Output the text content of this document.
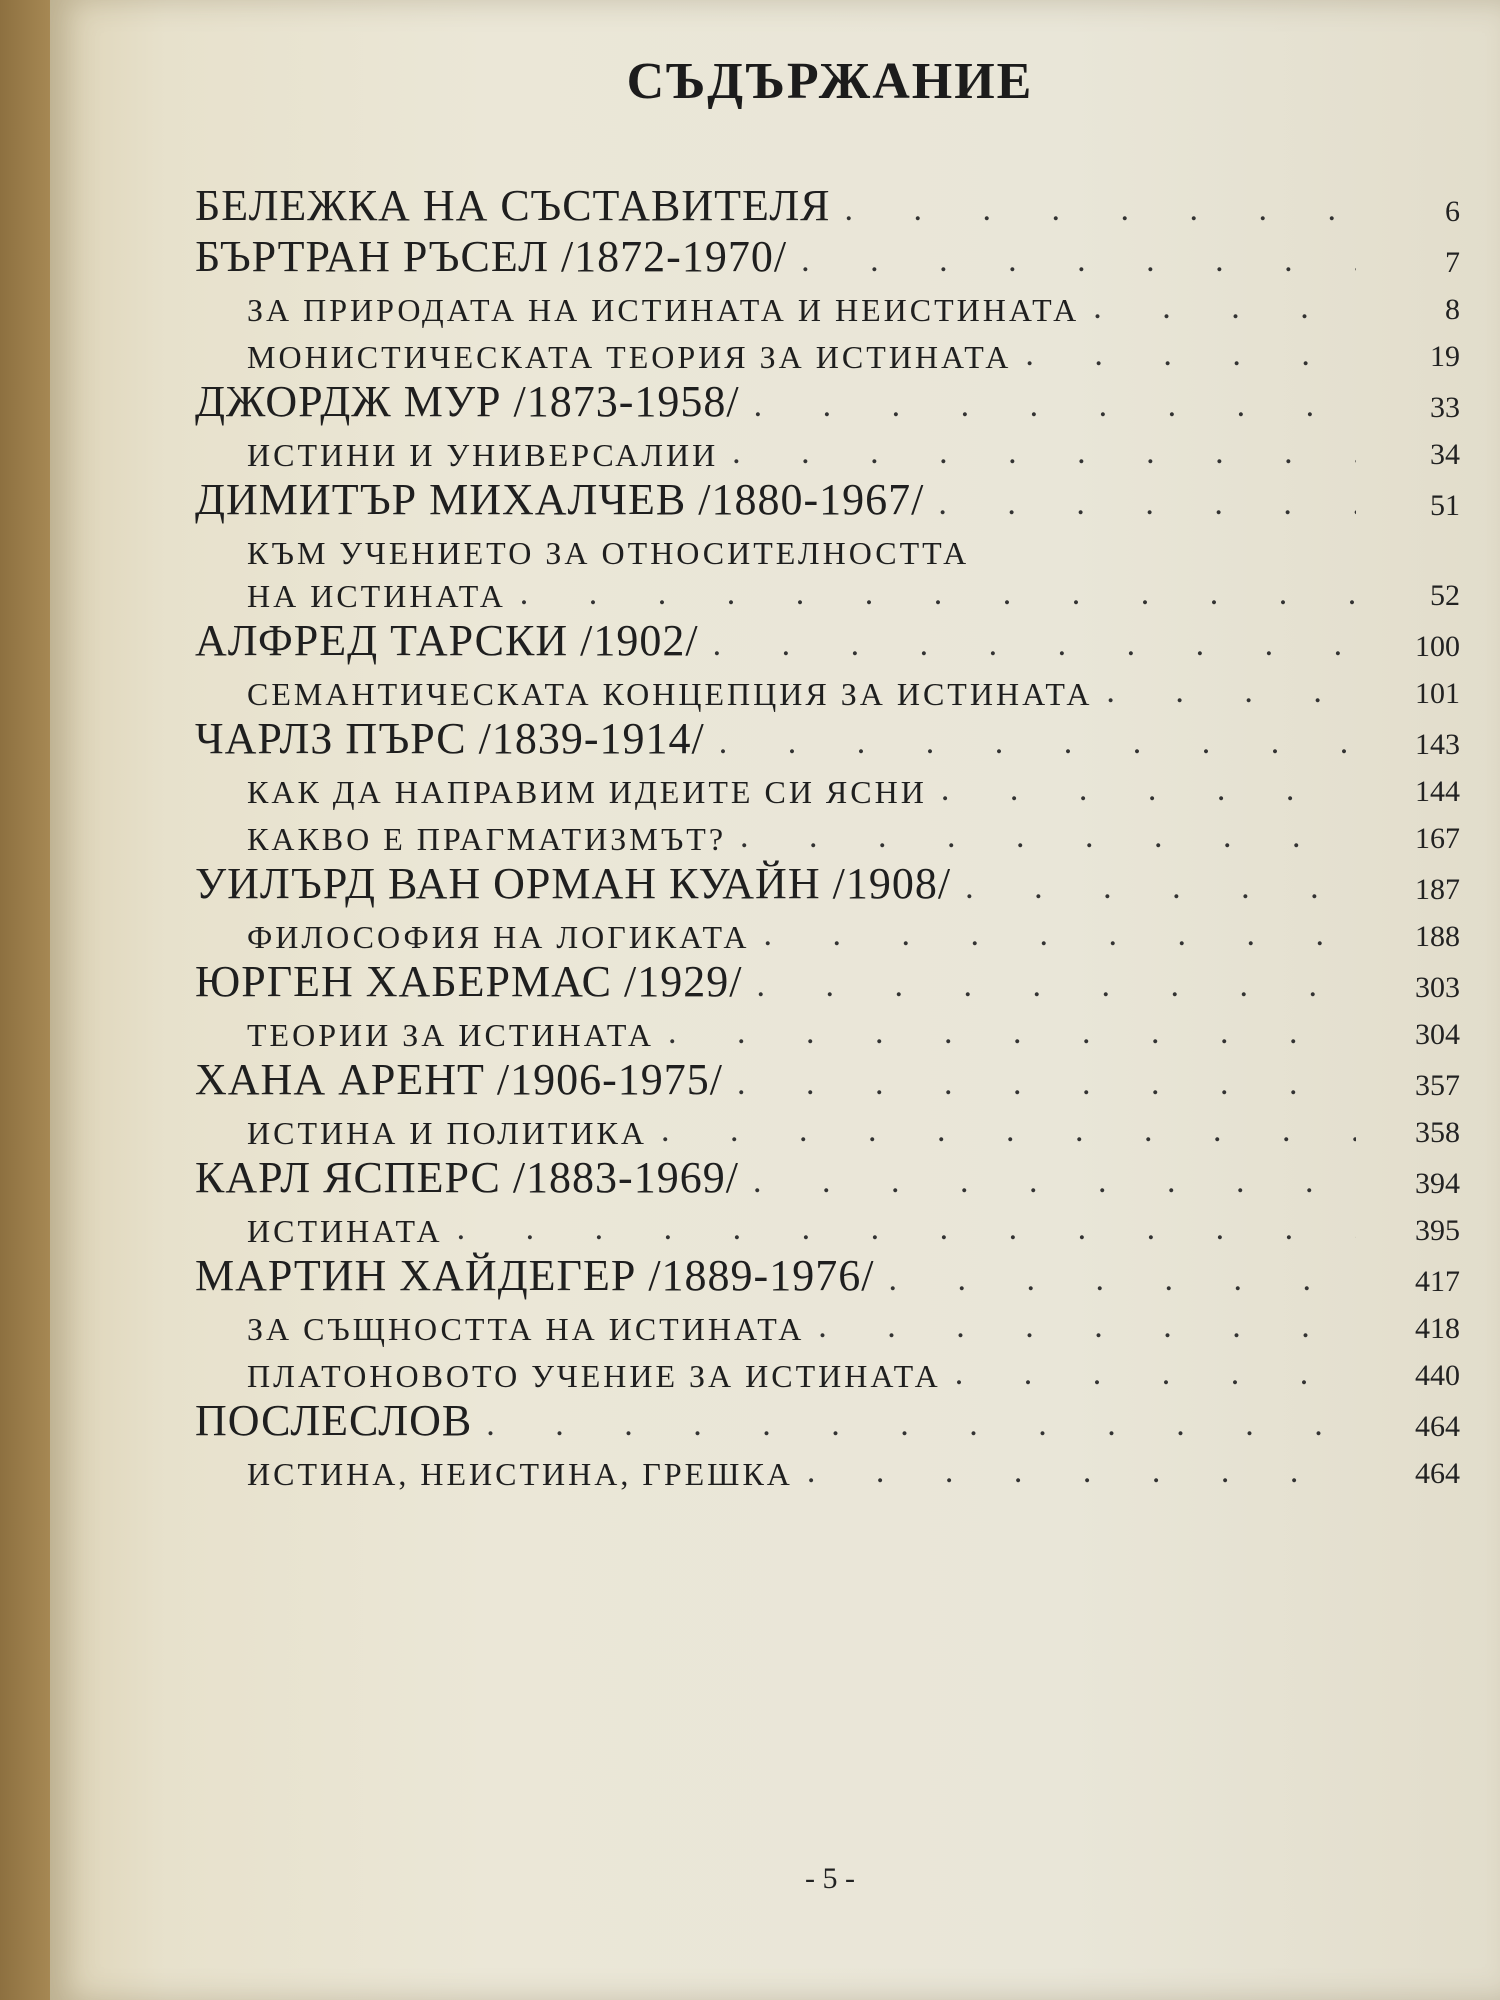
СЪДЪРЖАНИЕ
БЕЛЕЖКА НА СЪСТАВИТЕЛЯ . . .	6
БЪРТРАН РЪСЕЛ /1872-1970/ . . .	7
ЗА ПРИРОДАТА НА ИСТИНАТА И НЕИСТИНАТА . . .	8
МОНИСТИЧЕСКАТА ТЕОРИЯ ЗА ИСТИНАТА . . .	19
ДЖОРДЖ МУР /1873-1958/ . . .	33
ИСТИНИ И УНИВЕРСАЛИИ . . .	34
ДИМИТЪР МИХАЛЧЕВ /1880-1967/ . . .	51
КЪМ УЧЕНИЕТО ЗА ОТНОСИТЕЛНОСТТА
НА ИСТИНАТА . . .	52
АЛФРЕД ТАРСКИ /1902/ . . .	100
СЕМАНТИЧЕСКАТА КОНЦЕПЦИЯ ЗА ИСТИНАТА . . .	101
ЧАРЛЗ ПЪРС /1839-1914/ . . .	143
КАК ДА НАПРАВИМ ИДЕИТЕ СИ ЯСНИ . . .	144
КАКВО Е ПРАГМАТИЗМЪТ? . . .	167
УИЛЪРД ВАН ОРМАН КУАЙН /1908/ . . .	187
ФИЛОСОФИЯ НА ЛОГИКАТА . . .	188
ЮРГЕН ХАБЕРМАС /1929/ . . .	303
ТЕОРИИ ЗА ИСТИНАТА . . .	304
ХАНА АРЕНТ /1906-1975/ . . .	357
ИСТИНА И ПОЛИТИКА . . .	358
КАРЛ ЯСПЕРС /1883-1969/ . . .	394
ИСТИНАТА . . .	395
МАРТИН ХАЙДЕГЕР /1889-1976/ . . .	417
ЗА СЪЩНОСТТА НА ИСТИНАТА . . .	418
ПЛАТОНОВОТО УЧЕНИЕ ЗА ИСТИНАТА . . .	440
ПОСЛЕСЛОВ . . .	464
ИСТИНА, НЕИСТИНА, ГРЕШКА . . .	464
- 5 -
